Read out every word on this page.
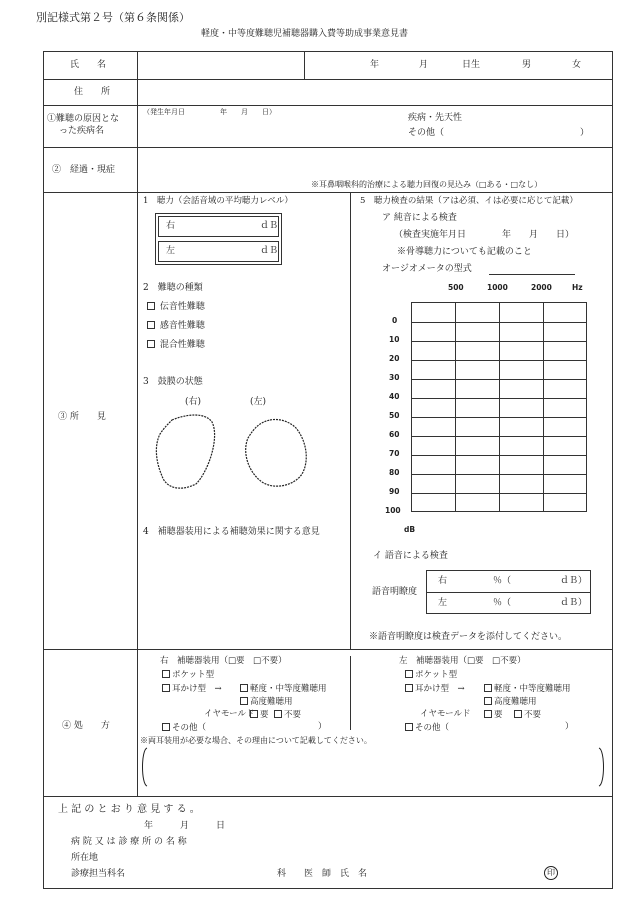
別記様式第２号（第６条関係）
軽度・中等度難聴児補聴器購入費等助成事業意見書
氏　　名	年	月	日生	男	女
住　　所
①難聴の原因とな
った疾病名
（発生年月日　　　　　年　　月　　日）
疾病・先天性
その他（	）
②　経過・現症
※耳鼻咽喉科的治療による聴力回復の見込み（□ある・□なし）
③ 所　　見
1　聴力（会話音域の平均聴力レベル）
右	ｄＢ
左	ｄＢ
2　難聴の種類
伝音性難聴
感音性難聴
混合性難聴
3　鼓膜の状態
(右)	(左)
4　補聴器装用による補聴効果に関する意見
5　聴力検査の結果（アは必須、イは必要に応じて記載）
ア 純音による検査
（検査実施年月日　　　　年　　月　　日）
※骨導聴力についても記載のこと
オージオメータの型式
500	1000	2000	Hz
0
10
20
30
40
50
60
70
80
90
100
dB
イ 語音による検査
語音明瞭度
右	％（	ｄＢ）
左	％（	ｄＢ）
※語音明瞭度は検査データを添付してください。
④ 処　　方
右　補聴器装用（□要　□不要）
ポケット型
耳かけ型　→	軽度・中等度難聴用
高度難聴用
イヤモールド 要	不要
その他（	）
左　補聴器装用（□要　□不要）
ポケット型
耳かけ型　→	軽度・中等度難聴用
高度難聴用
イヤモールド	要	不要
その他（	）
※両耳装用が必要な場合、その理由について記載してください。
上 記 の と お り 意 見 す る 。
年　　　月　　　日
病 院 又 は 診 療 所 の 名 称
所在地
診療担当科名	科　　医　師　氏　名	印
